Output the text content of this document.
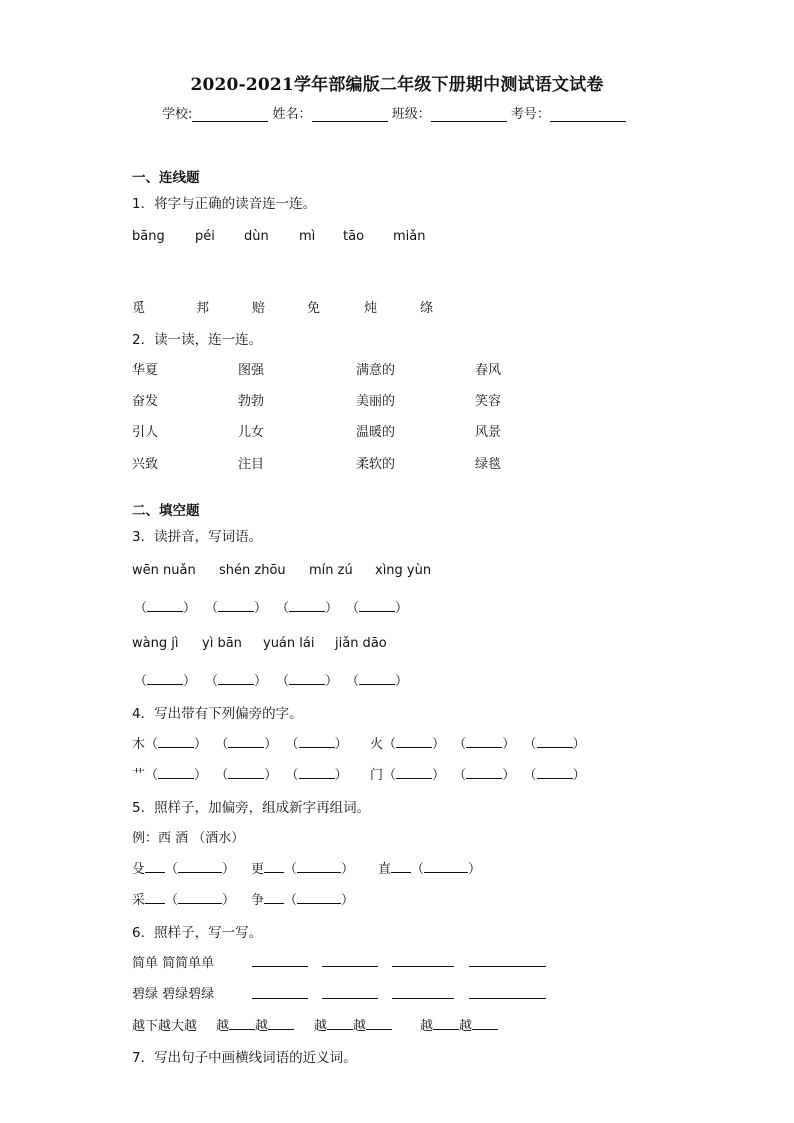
2020-2021学年部编版二年级下册期中测试语文试卷
学校:	姓名：	班级：	考号：
一、连线题
1．将字与正确的读音连一连。
bāng péi dùn mì tāo miǎn
觅	邦	赔	免	炖	绦
2．读一读，连一连。
华夏	图强	满意的	春风
奋发	勃勃	美丽的	笑容
引人	儿女	温暖的	风景
兴致	注目	柔软的	绿毯
二、填空题
3．读拼音，写词语。
wēn nuǎn shén zhōu mín zú xìng yùn
（	） （	） （	） （	）
wàng jì yì bān yuán lái jiǎn dāo
（	） （	） （	） （	）
4．写出带有下列偏旁的字。
木（	）  （	）  （	） 火（	）  （	）  （	）
艹（	）  （	）  （	） 门（	）  （	）  （	）
5．照样子，加偏旁，组成新字再组词。
例：西 酒 （酒水）
殳 （	） 更 （	） 直 （	）
采 （	） 争 （	）
6．照样子，写一写。
简单 简简单单
碧绿 碧绿碧绿
越下越大越 越 越	越 越	越 越
7．写出句子中画横线词语的近义词。
